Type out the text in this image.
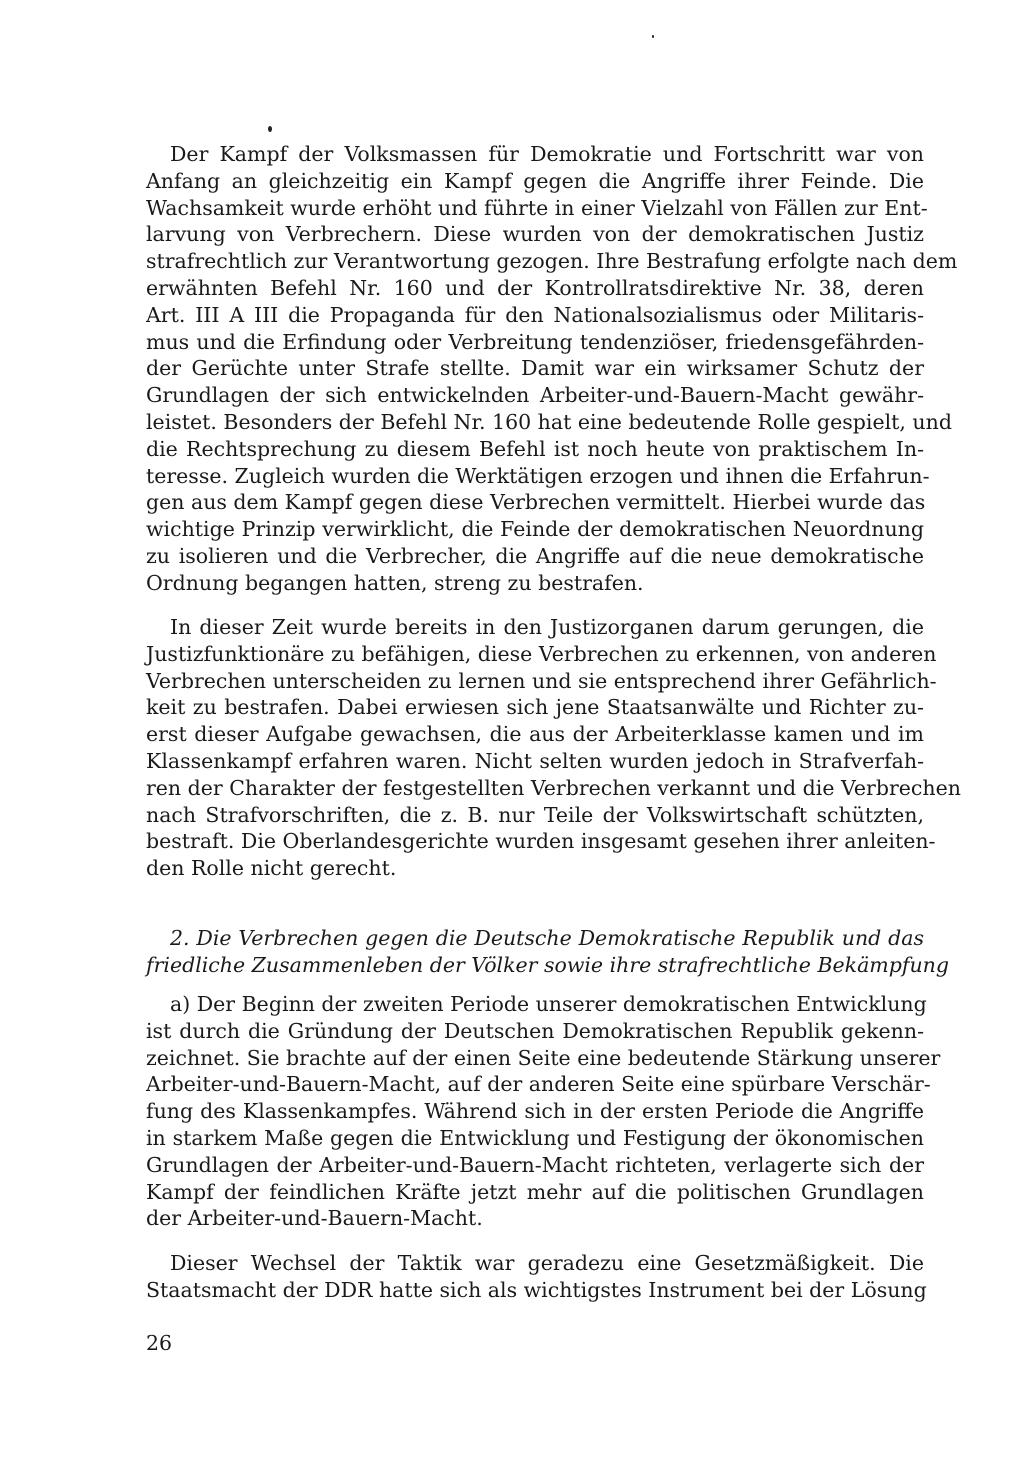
Der Kampf der Volksmassen für Demokratie und Fortschritt war von
Anfang an gleichzeitig ein Kampf gegen die Angriffe ihrer Feinde. Die
Wachsamkeit wurde erhöht und führte in einer Vielzahl von Fällen zur Ent-
larvung von Verbrechern. Diese wurden von der demokratischen Justiz
strafrechtlich zur Verantwortung gezogen. Ihre Bestrafung erfolgte nach dem
erwähnten Befehl Nr. 160 und der Kontrollratsdirektive Nr. 38, deren
Art. III A III die Propaganda für den Nationalsozialismus oder Militaris-
mus und die Erfindung oder Verbreitung tendenziöser, friedensgefährden-
der Gerüchte unter Strafe stellte. Damit war ein wirksamer Schutz der
Grundlagen der sich entwickelnden Arbeiter-und-Bauern-Macht gewähr-
leistet. Besonders der Befehl Nr. 160 hat eine bedeutende Rolle gespielt, und
die Rechtsprechung zu diesem Befehl ist noch heute von praktischem In-
teresse. Zugleich wurden die Werktätigen erzogen und ihnen die Erfahrun-
gen aus dem Kampf gegen diese Verbrechen vermittelt. Hierbei wurde das
wichtige Prinzip verwirklicht, die Feinde der demokratischen Neuordnung
zu isolieren und die Verbrecher, die Angriffe auf die neue demokratische
Ordnung begangen hatten, streng zu bestrafen.
In dieser Zeit wurde bereits in den Justizorganen darum gerungen, die
Justizfunktionäre zu befähigen, diese Verbrechen zu erkennen, von anderen
Verbrechen unterscheiden zu lernen und sie entsprechend ihrer Gefährlich-
keit zu bestrafen. Dabei erwiesen sich jene Staatsanwälte und Richter zu-
erst dieser Aufgabe gewachsen, die aus der Arbeiterklasse kamen und im
Klassenkampf erfahren waren. Nicht selten wurden jedoch in Strafverfah-
ren der Charakter der festgestellten Verbrechen verkannt und die Verbrechen
nach Strafvorschriften, die z. B. nur Teile der Volkswirtschaft schützten,
bestraft. Die Oberlandesgerichte wurden insgesamt gesehen ihrer anleiten-
den Rolle nicht gerecht.
2. Die Verbrechen gegen die Deutsche Demokratische Republik und das
friedliche Zusammenleben der Völker sowie ihre strafrechtliche Bekämpfung
a) Der Beginn der zweiten Periode unserer demokratischen Entwicklung
ist durch die Gründung der Deutschen Demokratischen Republik gekenn-
zeichnet. Sie brachte auf der einen Seite eine bedeutende Stärkung unserer
Arbeiter-und-Bauern-Macht, auf der anderen Seite eine spürbare Verschär-
fung des Klassenkampfes. Während sich in der ersten Periode die Angriffe
in starkem Maße gegen die Entwicklung und Festigung der ökonomischen
Grundlagen der Arbeiter-und-Bauern-Macht richteten, verlagerte sich der
Kampf der feindlichen Kräfte jetzt mehr auf die politischen Grundlagen
der Arbeiter-und-Bauern-Macht.
Dieser Wechsel der Taktik war geradezu eine Gesetzmäßigkeit. Die
Staatsmacht der DDR hatte sich als wichtigstes Instrument bei der Lösung
26
